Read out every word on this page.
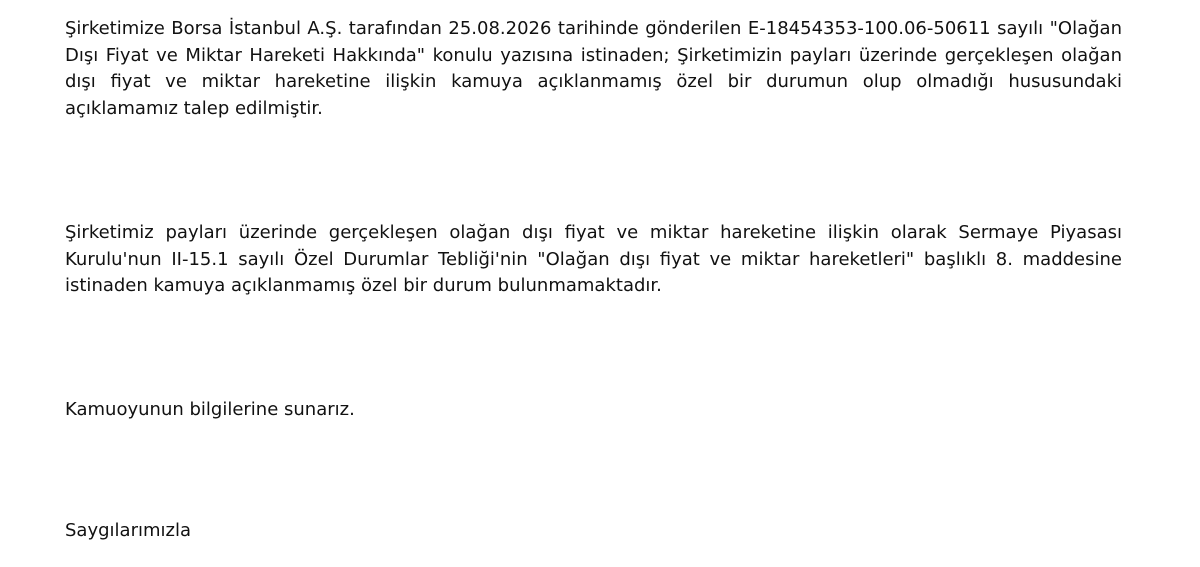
Şirketimize Borsa İstanbul A.Ş. tarafından 25.08.2026 tarihinde gönderilen E-18454353-100.06-50611 sayılı "Olağan Dışı Fiyat ve Miktar Hareketi Hakkında" konulu yazısına istinaden; Şirketimizin payları üzerinde gerçekleşen olağan dışı fiyat ve miktar hareketine ilişkin kamuya açıklanmamış özel bir durumun olup olmadığı hususundaki açıklamamız talep edilmiştir.

Şirketimiz payları üzerinde gerçekleşen olağan dışı fiyat ve miktar hareketine ilişkin olarak Sermaye Piyasası Kurulu'nun II-15.1 sayılı Özel Durumlar Tebliği'nin "Olağan dışı fiyat ve miktar hareketleri" başlıklı 8. maddesine istinaden kamuya açıklanmamış özel bir durum bulunmamaktadır.

Kamuoyunun bilgilerine sunarız.

Saygılarımızla
